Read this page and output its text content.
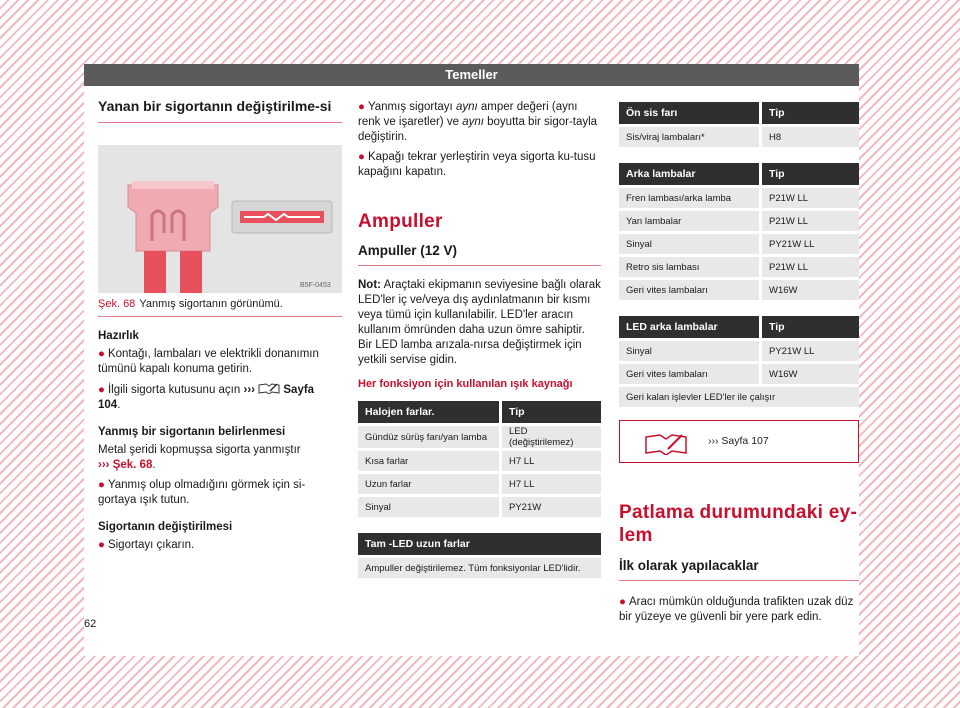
Temeller
Yanan bir sigortanın değiştirilme-si
B5F-0453
Şek. 68 Yanmış sigortanın görünümü.
Hazırlık
● Kontağı, lambaları ve elektrikli donanımın tümünü kapalı konuma getirin.
● İlgili sigorta kutusunu açın ››› Sayfa
104.
Yanmış bir sigortanın belirlenmesi
Metal şeridi kopmuşsa sigorta yanmıştır
››› Şek. 68.
● Yanmış olup olmadığını görmek için si-gortaya ışık tutun.
Sigortanın değiştirilmesi
● Sigortayı çıkarın.
● Yanmış sigortayı aynı amper değeri (aynı renk ve işaretler) ve aynı boyutta bir sigor-tayla değiştirin.
● Kapağı tekrar yerleştirin veya sigorta ku-tusu kapağını kapatın.
Ampuller
Ampuller (12 V)
Not: Araçtaki ekipmanın seviyesine bağlı olarak LED'ler iç ve/veya dış aydınlatmanın bir kısmı veya tümü için kullanılabilir. LED'ler aracın kullanım ömründen daha uzun ömre sahiptir. Bir LED lamba arızala-nırsa değiştirmek için yetkili servise gidin.
Her fonksiyon için kullanılan ışık kaynağı
Halojen farlar.	Tip
Gündüz sürüş farı/yan lamba	LED (değiştirilemez)
Kısa farlar	H7 LL
Uzun farlar	H7 LL
Sinyal	PY21W
Tam -LED uzun farlar
Ampuller değiştirilemez. Tüm fonksiyonlar LED'lidir.
Ön sis farı	Tip
Sis/viraj lambaları*	H8
Arka lambalar	Tip
Fren lambası/arka lamba	P21W LL
Yan lambalar	P21W LL
Sinyal	PY21W LL
Retro sis lambası	P21W LL
Geri vites lambaları	W16W
LED arka lambalar	Tip
Sinyal	PY21W LL
Geri vites lambaları	W16W
Geri kalan işlevler LED'ler ile çalışır	
››› Sayfa 107
Patlama durumundaki ey-lem
İlk olarak yapılacaklar
● Aracı mümkün olduğunda trafikten uzak düz bir yüzeye ve güvenli bir yere park edin.
62
